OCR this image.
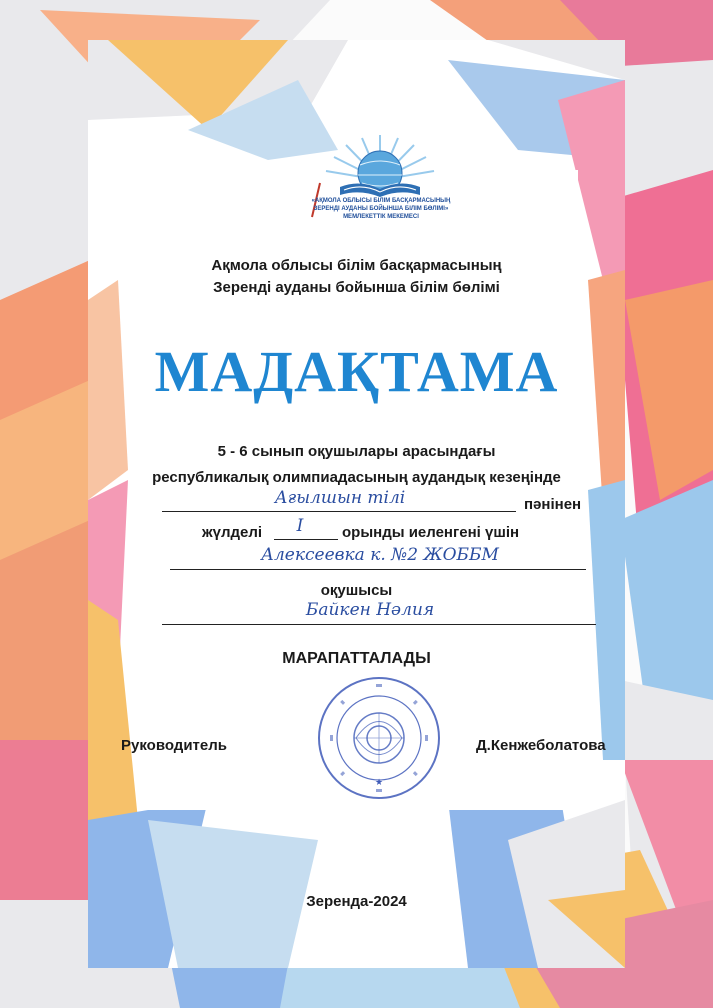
«АҚМОЛА ОБЛЫСЫ БІЛІМ БАСҚАРМАСЫНЫҢ
ЗЕРЕНДІ АУДАНЫ БОЙЫНША БІЛІМ БӨЛІМІ»
МЕМЛЕКЕТТІК МЕКЕМЕСІ
Ақмола облысы білім басқармасының
Зеренді ауданы бойынша білім бөлімі
МАДАҚТАМА
5 - 6 сынып оқушылары арасындағы
республикалық олимпиадасының аудандық кезеңінде
Ағылшын тілі	пәнінен
жүлделі	I	орынды иеленгені үшін
Алексеевка к. №2 ЖОББМ
оқушысы
Байкен Нәлия
МАРАПАТТАЛАДЫ
★
Руководитель	Д.Кенжеболатова
Зеренда-2024
